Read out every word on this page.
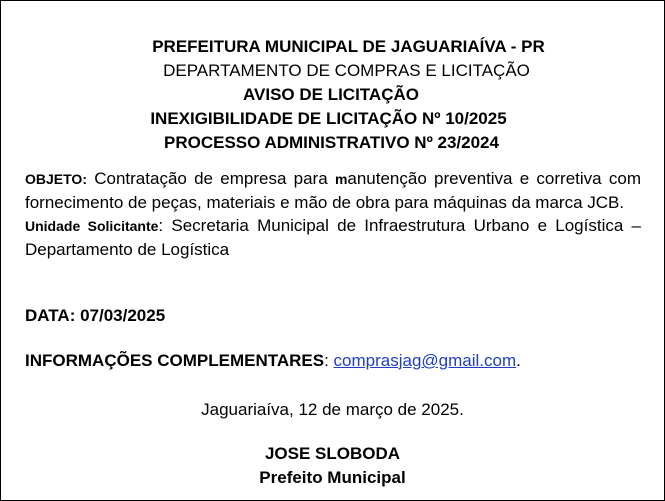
PREFEITURA MUNICIPAL DE JAGUARIAÍVA - PR
DEPARTAMENTO DE COMPRAS E LICITAÇÃO
AVISO DE LICITAÇÃO
INEXIGIBILIDADE DE LICITAÇÃO Nº 10/2025
PROCESSO ADMINISTRATIVO Nº 23/2024
OBJETO: Contratação de empresa para manutenção preventiva e corretiva com fornecimento de peças, materiais e mão de obra para máquinas da marca JCB.
Unidade Solicitante: Secretaria Municipal de Infraestrutura Urbano e Logística – Departamento de Logística
DATA: 07/03/2025
INFORMAÇÕES COMPLEMENTARES: comprasjag@gmail.com.
Jaguariaíva, 12 de março de 2025.
JOSE SLOBODA
Prefeito Municipal
